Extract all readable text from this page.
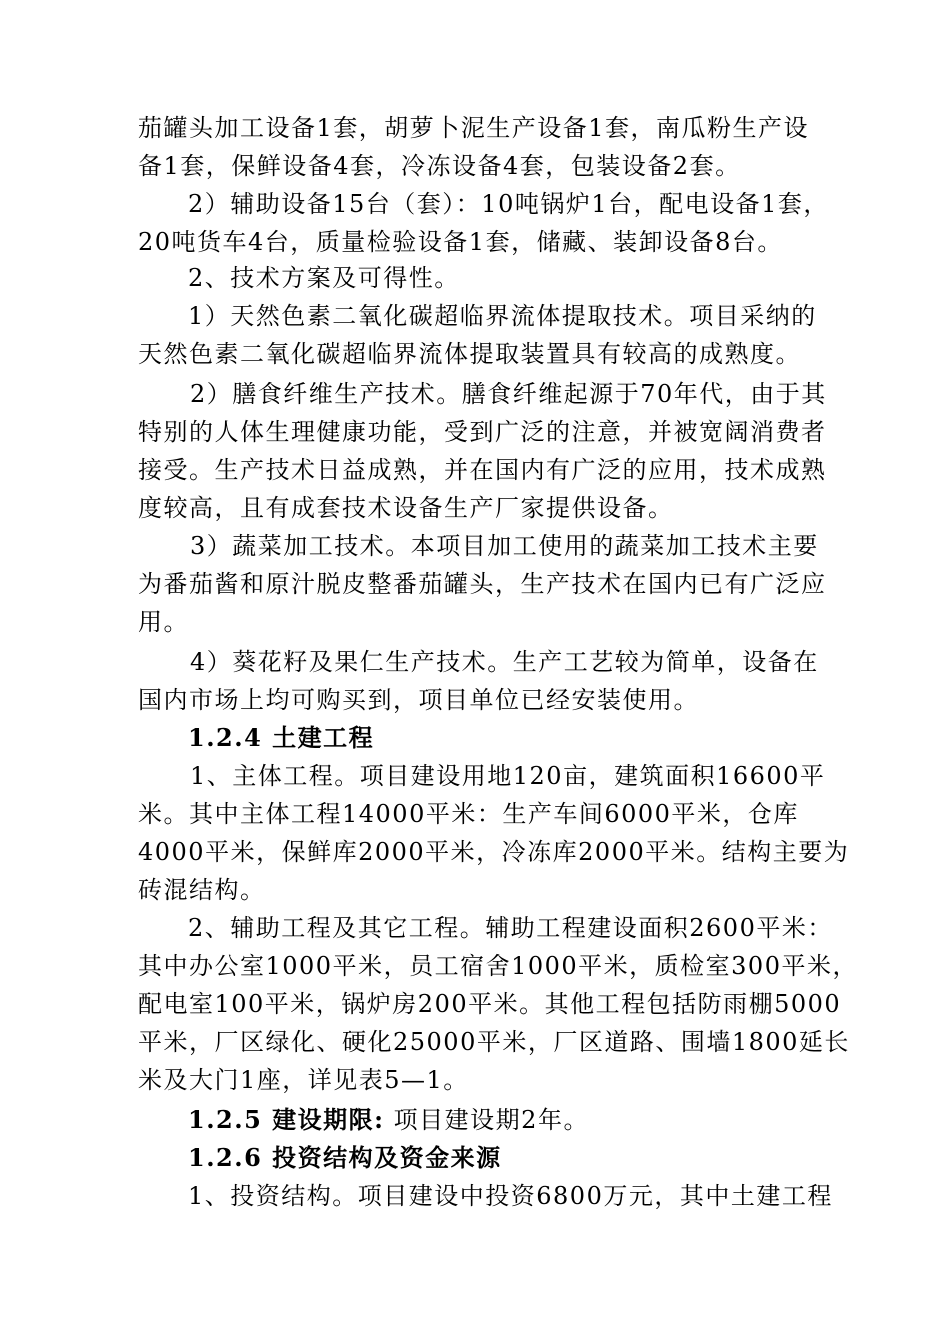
茄罐头加工设备1套，胡萝卜泥生产设备1套，南瓜粉生产设
备1套，保鲜设备4套，冷冻设备4套，包装设备2套。
2）辅助设备15台（套）：10吨锅炉1台，配电设备1套，
20吨货车4台，质量检验设备1套，储藏、装卸设备8台。
2、技术方案及可得性。
1）天然色素二氧化碳超临界流体提取技术。项目采纳的
天然色素二氧化碳超临界流体提取装置具有较高的成熟度。
2）膳食纤维生产技术。膳食纤维起源于70年代，由于其
特别的人体生理健康功能，受到广泛的注意，并被宽阔消费者
接受。生产技术日益成熟，并在国内有广泛的应用，技术成熟
度较高，且有成套技术设备生产厂家提供设备。
3）蔬菜加工技术。本项目加工使用的蔬菜加工技术主要
为番茄酱和原汁脱皮整番茄罐头，生产技术在国内已有广泛应
用。
4）葵花籽及果仁生产技术。生产工艺较为简单，设备在
国内市场上均可购买到，项目单位已经安装使用。
1.2.4 土建工程
1、主体工程。项目建设用地120亩，建筑面积16600平
米。其中主体工程14000平米：生产车间6000平米，仓库
4000平米，保鲜库2000平米，冷冻库2000平米。结构主要为
砖混结构。
2、辅助工程及其它工程。辅助工程建设面积2600平米：
其中办公室1000平米，员工宿舍1000平米，质检室300平米，
配电室100平米，锅炉房200平米。其他工程包括防雨棚5000
平米，厂区绿化、硬化25000平米，厂区道路、围墙1800延长
米及大门1座，详见表5—1。
1.2.5 建设期限: 项目建设期2年。
1.2.6 投资结构及资金来源
1、投资结构。项目建设中投资6800万元，其中土建工程
